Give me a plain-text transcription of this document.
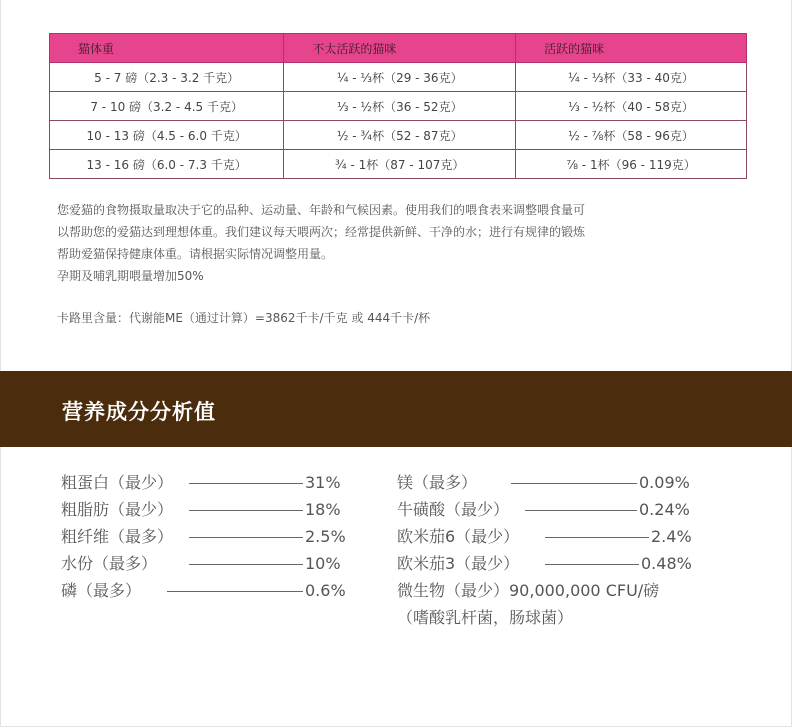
猫体重	不太活跃的猫咪	活跃的猫咪
5 - 7 磅（2.3 - 3.2 千克）	¼ - ⅓杯（29 - 36克）	¼ - ⅓杯（33 - 40克）
7 - 10 磅（3.2 - 4.5 千克）	⅓ - ½杯（36 - 52克）	⅓ - ½杯（40 - 58克）
10 - 13 磅（4.5 - 6.0 千克）	½ - ¾杯（52 - 87克）	½ - ⅞杯（58 - 96克）
13 - 16 磅（6.0 - 7.3 千克）	¾ - 1杯（87 - 107克）	⅞ - 1杯（96 - 119克）

您爱猫的食物摄取量取决于它的品种、运动量、年龄和气候因素。使用我们的喂食表来调整喂食量可

以帮助您的爱猫达到理想体重。我们建议每天喂两次；经常提供新鲜、干净的水；进行有规律的锻炼

帮助爱猫保持健康体重。请根据实际情况调整用量。

孕期及哺乳期喂量增加50%

卡路里含量：代谢能ME（通过计算）=3862千卡/千克 或 444千卡/杯
营养成分分析值
粗蛋白（最少）	31%
粗脂肪（最少）	18%
粗纤维（最多）	2.5%
水份（最多）	10%
磷（最多）	0.6%
镁（最多）	0.09%
牛磺酸（最少）	0.24%
欧米茄6（最少）	2.4%
欧米茄3（最少）	0.48%
微生物（最少）90,000,000 CFU/磅
（嗜酸乳杆菌，肠球菌）
